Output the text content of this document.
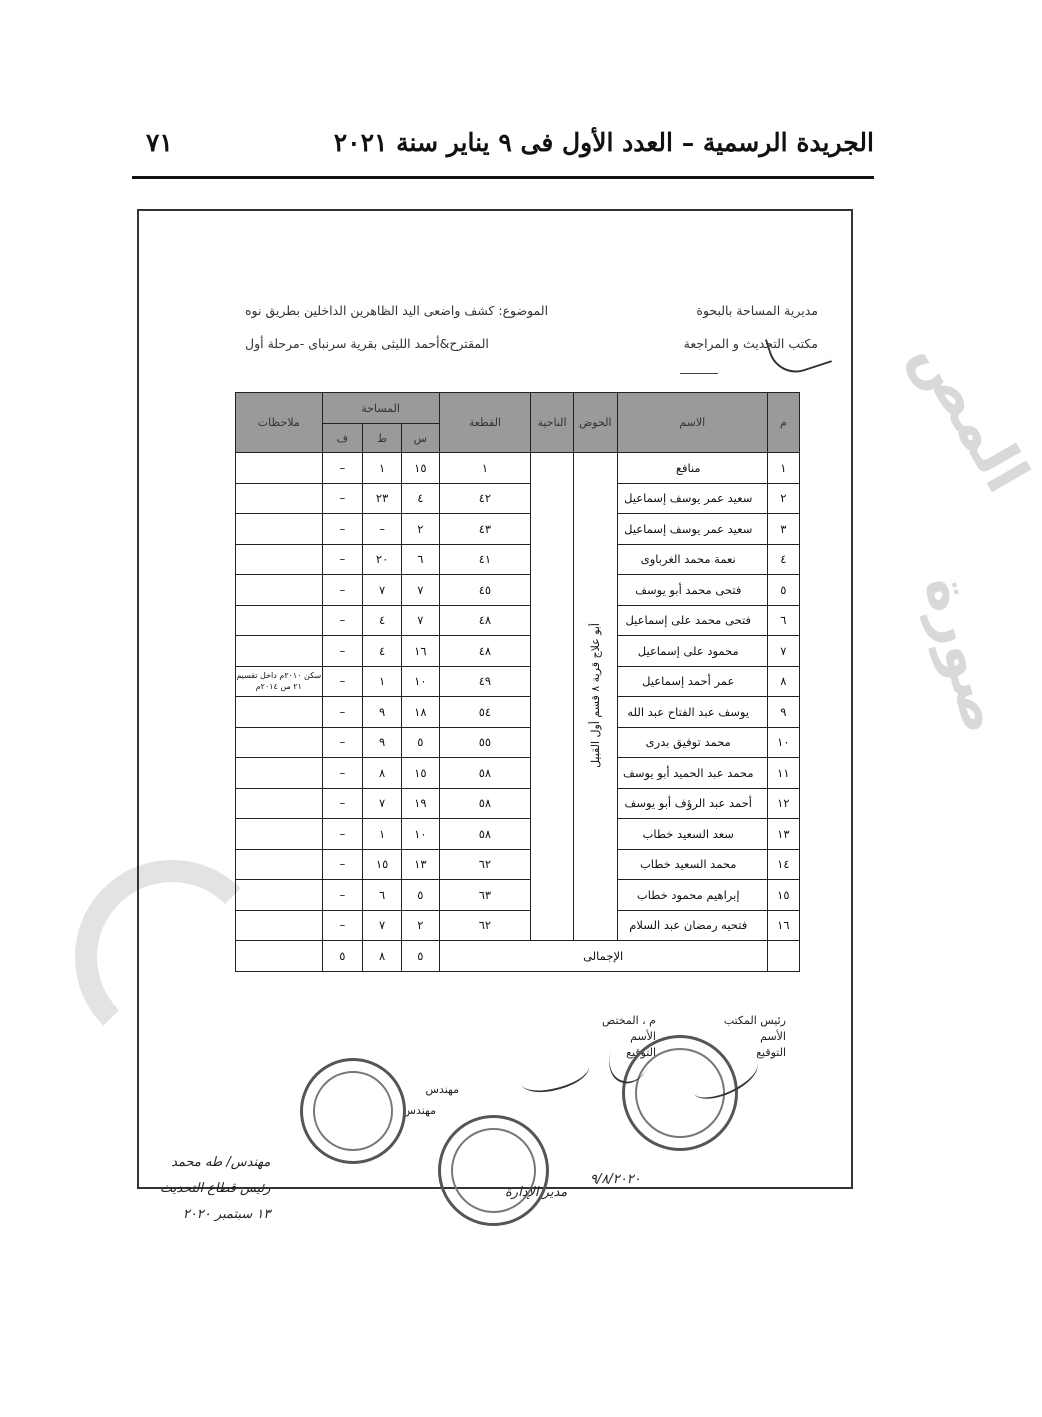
المص
صورة
الجريدة الرسمية – العدد الأول فى ٩ يناير سنة ٢٠٢١
٧١
مديرية المساحة بالبحوة
مكتب التحديث و المراجعة
الموضوع: كشف واضعى اليد الظاهرين الداخلين بطريق نوه
المقترح&أحمد الليثى بقرية سرنباى -مرحلة أول
م	الاسم	الحوض	الناحية	القطعة	المساحة			ملاحظات
					س	ط	ف	
١	منافع	أبو علاج قرية ٨ قسم أول القبيل		١	١٥	١	–	
٢	سعيد عمر يوسف إسماعيل			٤٢	٤	٢٣	–	
٣	سعيد عمر يوسف إسماعيل			٤٣	٢	–	–	
٤	نعمة محمد الغرباوى			٤١	٦	٢٠	–	
٥	فتحى محمد أبو يوسف			٤٥	٧	٧	–	
٦	فتحى محمد على إسماعيل			٤٨	٧	٤	–	
٧	محمود على إسماعيل			٤٨	١٦	٤	–	
٨	عمر أحمد إسماعيل			٤٩	١٠	١	–	سكن ٢٠١٠م داخل تقسيم ٢١ من ٢٠١٤م
٩	يوسف عبد الفتاح عبد الله			٥٤	١٨	٩	–	
١٠	محمد توفيق بدرى			٥٥	٥	٩	–	
١١	محمد عبد الحميد أبو يوسف			٥٨	١٥	٨	–	
١٢	أحمد عبد الرؤف أبو يوسف			٥٨	١٩	٧	–	
١٣	سعد السعيد خطاب			٥٨	١٠	١	–	
١٤	محمد السعيد خطاب			٦٢	١٣	١٥	–	
١٥	إبراهيم محمود خطاب			٦٣	٥	٦	–	
١٦	فتحيه رمضان عبد السلام			٦٢	٢	٧	–	
	الإجمالى				٥	٨	٥	
رئيس المكتب
الأسم
التوقيع
م ، المختص
الأسم
التوقيع
مهندس
مهندس
مهندس/ طه محمد
رئيس قطاع التحديث
١٣ سبتمبر ٢٠٢٠
مدير الإدارة
٩/٨/٢٠٢٠
